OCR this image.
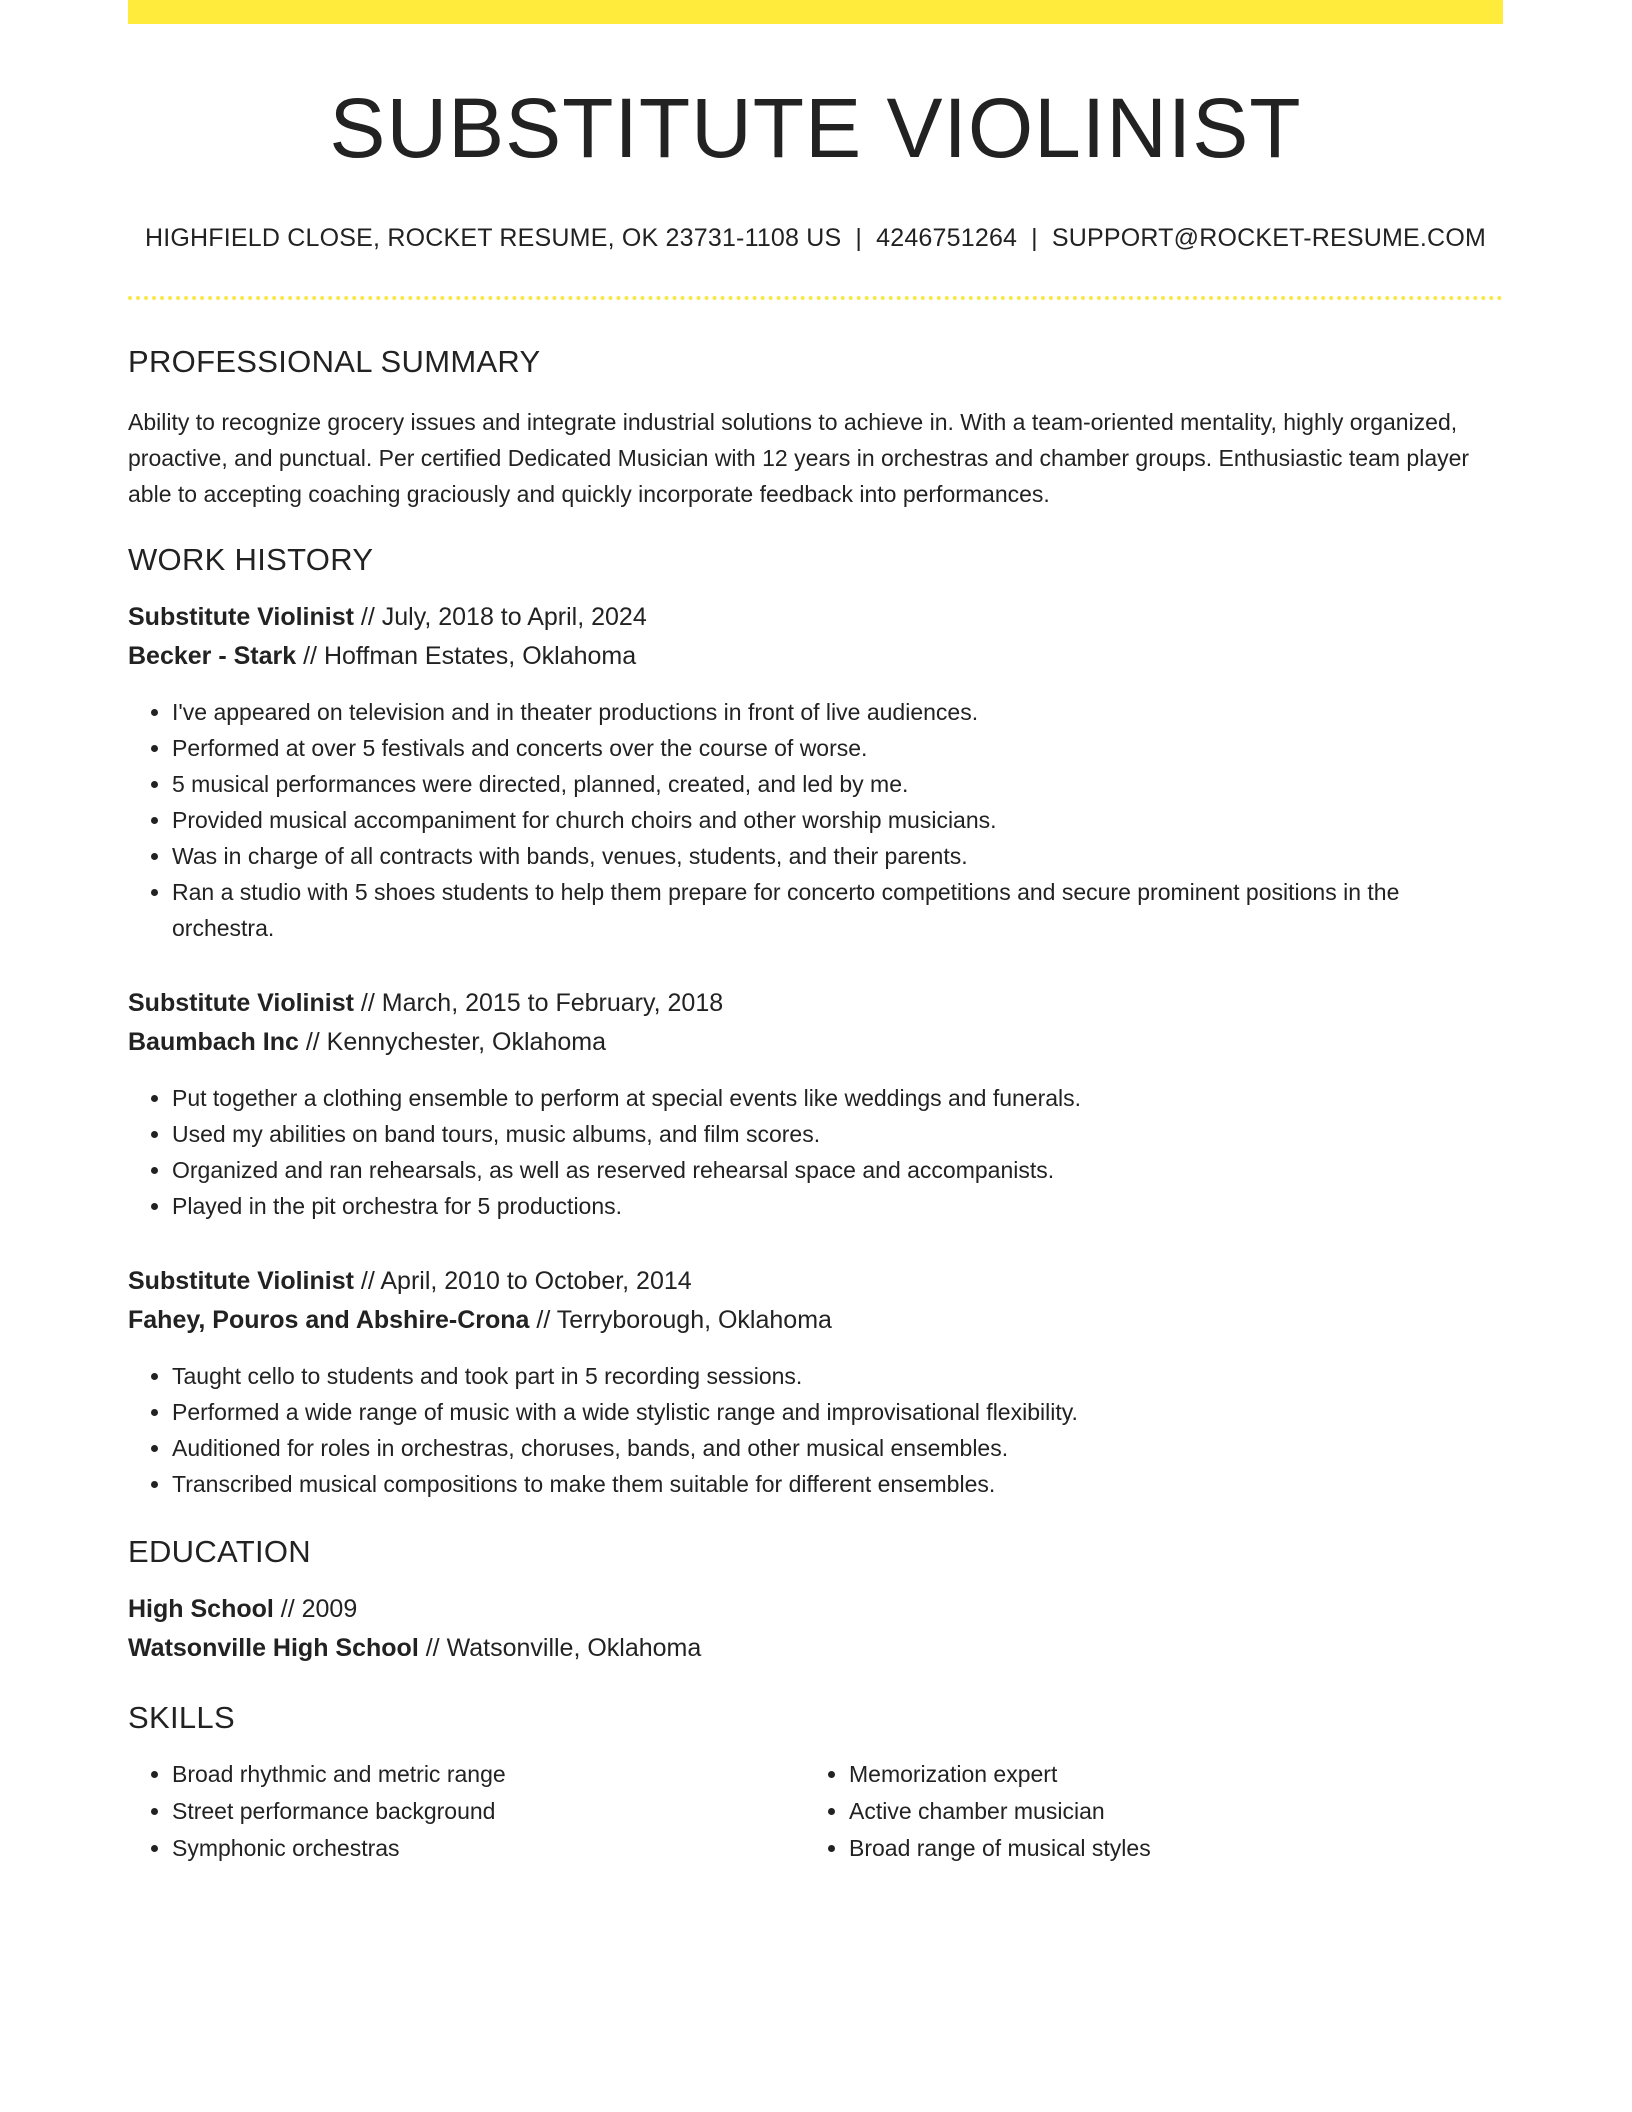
SUBSTITUTE VIOLINIST
HIGHFIELD CLOSE, ROCKET RESUME, OK 23731-1108 US | 4246751264 | SUPPORT@ROCKET-RESUME.COM
PROFESSIONAL SUMMARY

Ability to recognize grocery issues and integrate industrial solutions to achieve in. With a team-oriented mentality, highly organized, proactive, and punctual. Per certified Dedicated Musician with 12 years in orchestras and chamber groups. Enthusiastic team player able to accepting coaching graciously and quickly incorporate feedback into performances.

WORK HISTORY
Substitute Violinist // July, 2018 to April, 2024
Becker - Stark // Hoffman Estates, Oklahoma
• I've appeared on television and in theater productions in front of live audiences.
• Performed at over 5 festivals and concerts over the course of worse.
• 5 musical performances were directed, planned, created, and led by me.
• Provided musical accompaniment for church choirs and other worship musicians.
• Was in charge of all contracts with bands, venues, students, and their parents.
• Ran a studio with 5 shoes students to help them prepare for concerto competitions and secure prominent positions in the orchestra.
Substitute Violinist // March, 2015 to February, 2018
Baumbach Inc // Kennychester, Oklahoma
• Put together a clothing ensemble to perform at special events like weddings and funerals.
• Used my abilities on band tours, music albums, and film scores.
• Organized and ran rehearsals, as well as reserved rehearsal space and accompanists.
• Played in the pit orchestra for 5 productions.
Substitute Violinist // April, 2010 to October, 2014
Fahey, Pouros and Abshire-Crona // Terryborough, Oklahoma
• Taught cello to students and took part in 5 recording sessions.
• Performed a wide range of music with a wide stylistic range and improvisational flexibility.
• Auditioned for roles in orchestras, choruses, bands, and other musical ensembles.
• Transcribed musical compositions to make them suitable for different ensembles.
EDUCATION
High School // 2009
Watsonville High School // Watsonville, Oklahoma
SKILLS
• Broad rhythmic and metric range
• Street performance background
• Symphonic orchestras
• Memorization expert
• Active chamber musician
• Broad range of musical styles
